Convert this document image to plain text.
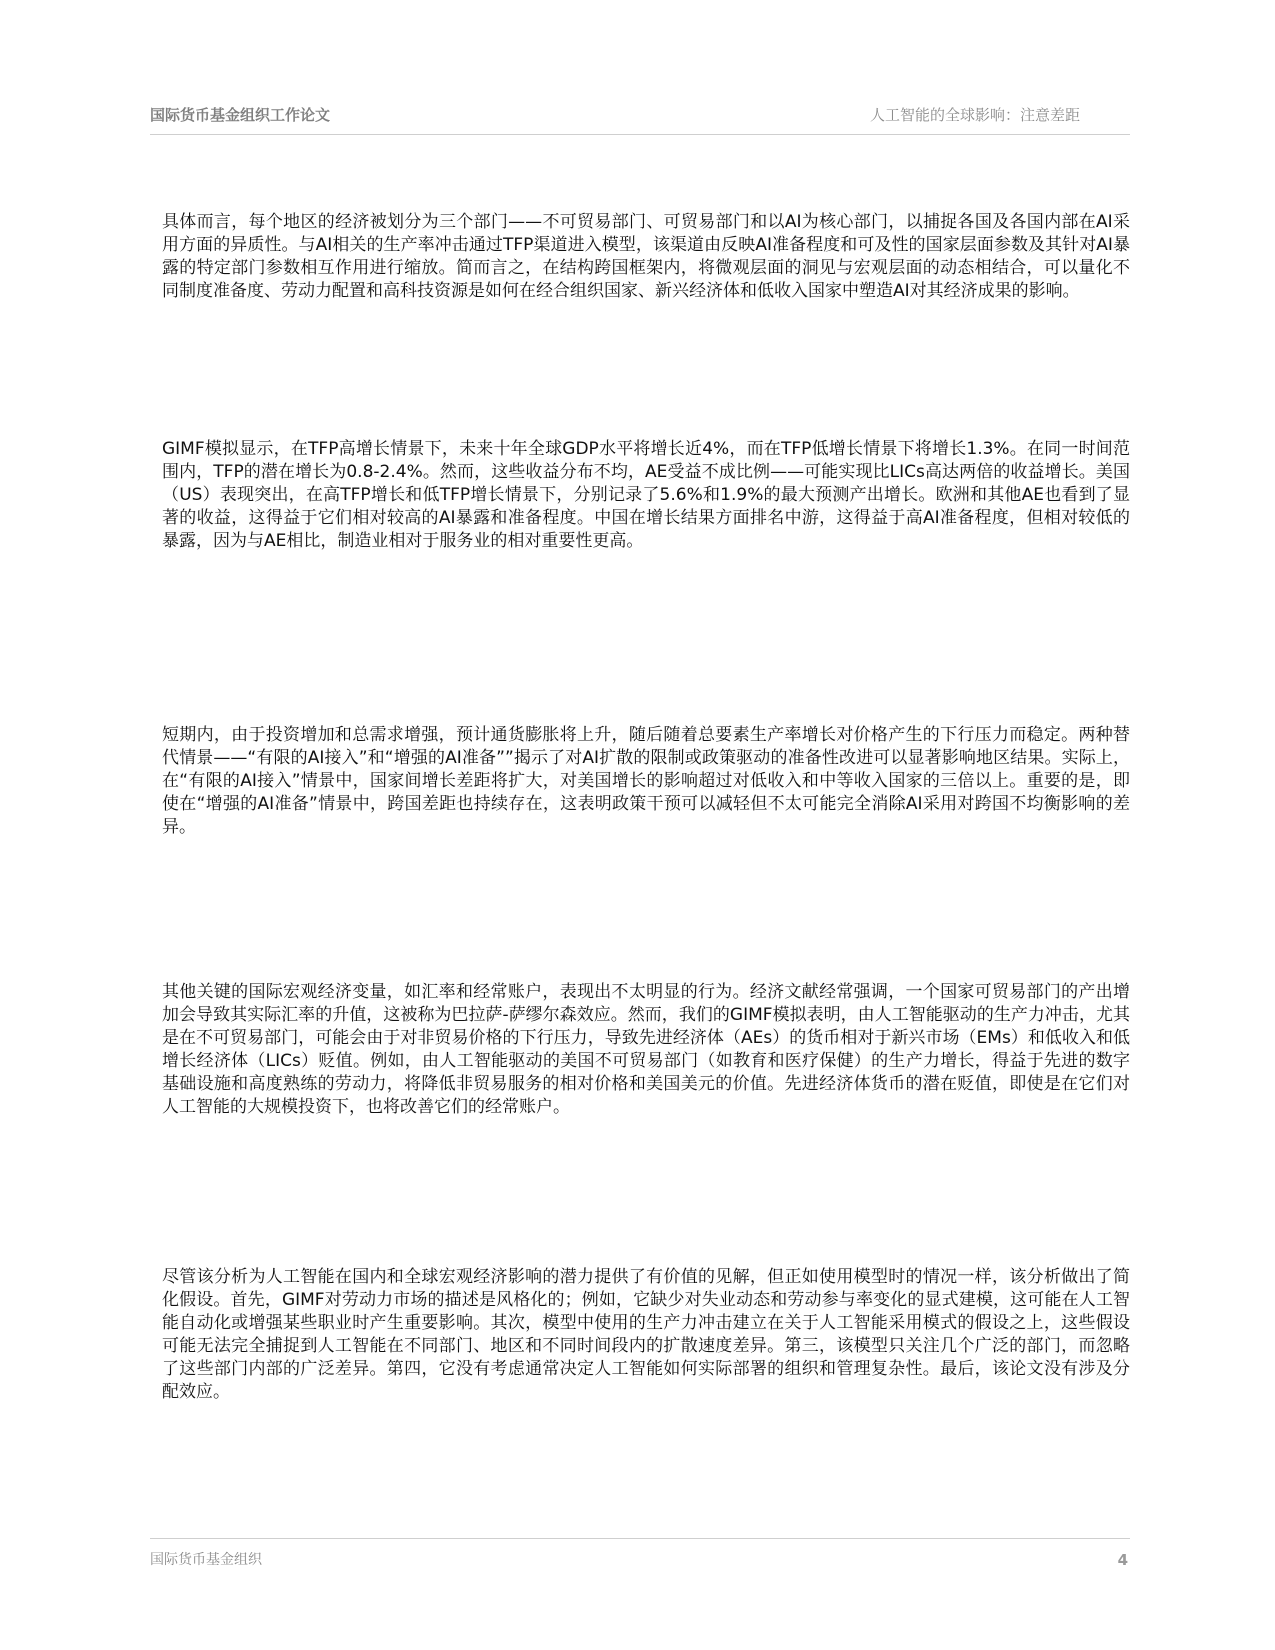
国际货币基金组织工作论文	人工智能的全球影响：注意差距

具体而言，每个地区的经济被划分为三个部门——不可贸易部门、可贸易部门和以AI为核心部门，以捕捉各国及各国内部在AI采用方面的异质性。与AI相关的生产率冲击通过TFP渠道进入模型，该渠道由反映AI准备程度和可及性的国家层面参数及其针对AI暴露的特定部门参数相互作用进行缩放。简而言之，在结构跨国框架内，将微观层面的洞见与宏观层面的动态相结合，可以量化不同制度准备度、劳动力配置和高科技资源是如何在经合组织国家、新兴经济体和低收入国家中塑造AI对其经济成果的影响。

GIMF模拟显示，在TFP高增长情景下，未来十年全球GDP水平将增长近4%，而在TFP低增长情景下将增长1.3%。在同一时间范围内，TFP的潜在增长为0.8-2.4%。然而，这些收益分布不均，AE受益不成比例——可能实现比LICs高达两倍的收益增长。美国（US）表现突出，在高TFP增长和低TFP增长情景下，分别记录了5.6%和1.9%的最大预测产出增长。欧洲和其他AE也看到了显著的收益，这得益于它们相对较高的AI暴露和准备程度。中国在增长结果方面排名中游，这得益于高AI准备程度，但相对较低的暴露，因为与AE相比，制造业相对于服务业的相对重要性更高。

短期内，由于投资增加和总需求增强，预计通货膨胀将上升，随后随着总要素生产率增长对价格产生的下行压力而稳定。两种替代情景——“有限的AI接入”和“增强的AI准备””揭示了对AI扩散的限制或政策驱动的准备性改进可以显著影响地区结果。实际上，在“有限的AI接入”情景中，国家间增长差距将扩大，对美国增长的影响超过对低收入和中等收入国家的三倍以上。重要的是，即使在“增强的AI准备”情景中，跨国差距也持续存在，这表明政策干预可以减轻但不太可能完全消除AI采用对跨国不均衡影响的差异。

其他关键的国际宏观经济变量，如汇率和经常账户，表现出不太明显的行为。经济文献经常强调，一个国家可贸易部门的产出增加会导致其实际汇率的升值，这被称为巴拉萨-萨缪尔森效应。然而，我们的GIMF模拟表明，由人工智能驱动的生产力冲击，尤其是在不可贸易部门，可能会由于对非贸易价格的下行压力，导致先进经济体（AEs）的货币相对于新兴市场（EMs）和低收入和低增长经济体（LICs）贬值。例如，由人工智能驱动的美国不可贸易部门（如教育和医疗保健）的生产力增长，得益于先进的数字基础设施和高度熟练的劳动力，将降低非贸易服务的相对价格和美国美元的价值。先进经济体货币的潜在贬值，即使是在它们对人工智能的大规模投资下，也将改善它们的经常账户。

尽管该分析为人工智能在国内和全球宏观经济影响的潜力提供了有价值的见解，但正如使用模型时的情况一样，该分析做出了简化假设。首先，GIMF对劳动力市场的描述是风格化的；例如，它缺少对失业动态和劳动参与率变化的显式建模，这可能在人工智能自动化或增强某些职业时产生重要影响。其次，模型中使用的生产力冲击建立在关于人工智能采用模式的假设之上，这些假设可能无法完全捕捉到人工智能在不同部门、地区和不同时间段内的扩散速度差异。第三，该模型只关注几个广泛的部门，而忽略了这些部门内部的广泛差异。第四，它没有考虑通常决定人工智能如何实际部署的组织和管理复杂性。最后，该论文没有涉及分配效应。

国际货币基金组织	4
